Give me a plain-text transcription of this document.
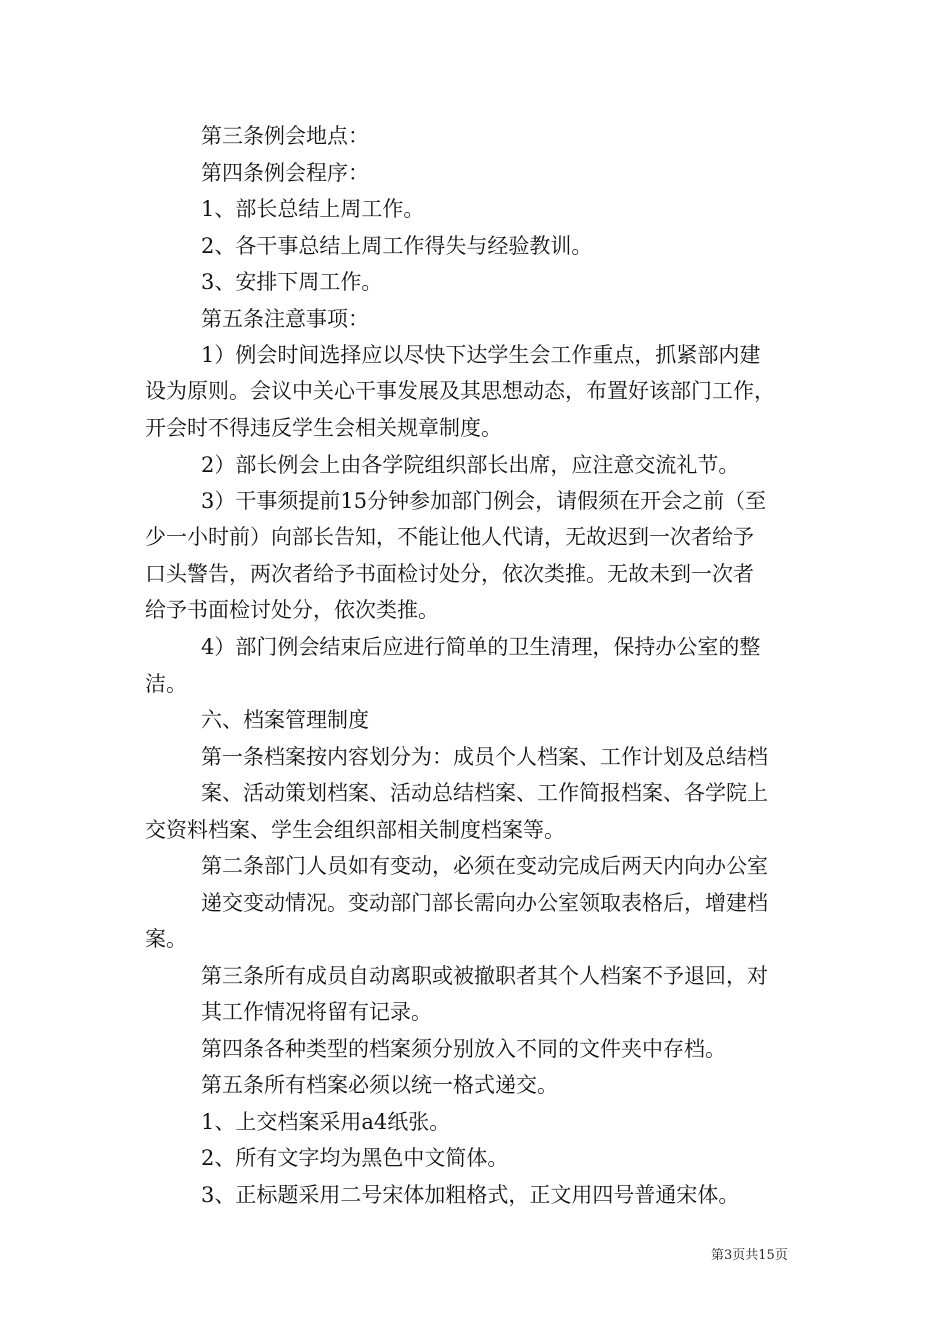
第三条例会地点：
第四条例会程序：
1、部长总结上周工作。
2、各干事总结上周工作得失与经验教训。
3、安排下周工作。
第五条注意事项：
1）例会时间选择应以尽快下达学生会工作重点，抓紧部内建
设为原则。会议中关心干事发展及其思想动态，布置好该部门工作，
开会时不得违反学生会相关规章制度。
2）部长例会上由各学院组织部长出席，应注意交流礼节。
3）干事须提前15分钟参加部门例会，请假须在开会之前（至
少一小时前）向部长告知，不能让他人代请，无故迟到一次者给予
口头警告，两次者给予书面检讨处分，依次类推。无故未到一次者
给予书面检讨处分，依次类推。
4）部门例会结束后应进行简单的卫生清理，保持办公室的整
洁。
六、档案管理制度
第一条档案按内容划分为：成员个人档案、工作计划及总结档
案、活动策划档案、活动总结档案、工作简报档案、各学院上
交资料档案、学生会组织部相关制度档案等。
第二条部门人员如有变动，必须在变动完成后两天内向办公室
递交变动情况。变动部门部长需向办公室领取表格后，增建档
案。
第三条所有成员自动离职或被撤职者其个人档案不予退回，对
其工作情况将留有记录。
第四条各种类型的档案须分别放入不同的文件夹中存档。
第五条所有档案必须以统一格式递交。
1、上交档案采用a4纸张。
2、所有文字均为黑色中文简体。
3、正标题采用二号宋体加粗格式，正文用四号普通宋体。
第3页共15页
